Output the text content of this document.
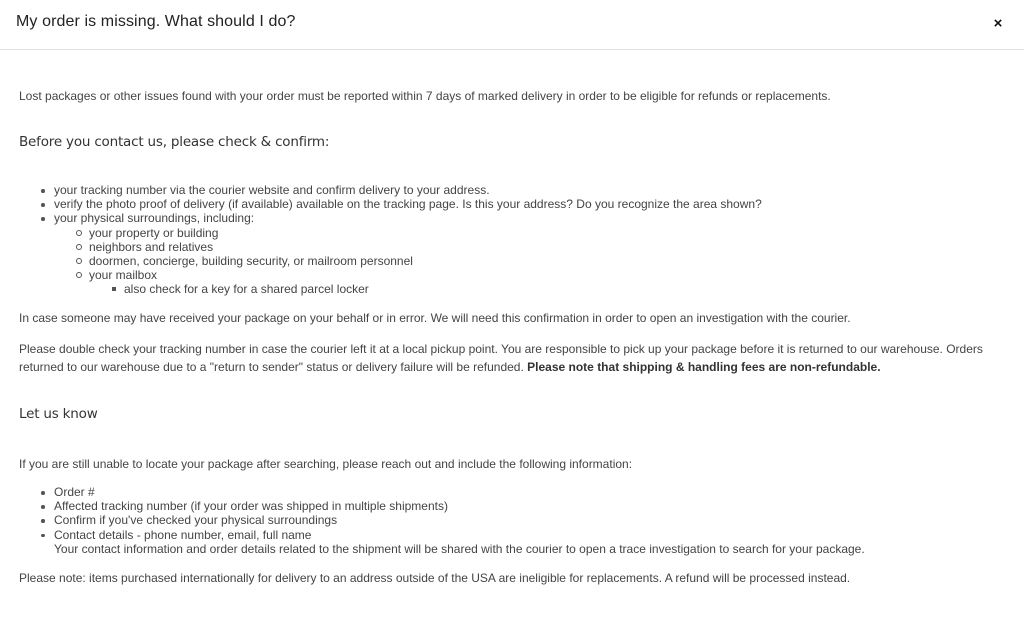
My order is missing. What should I do?	×

Lost packages or other issues found with your order must be reported within 7 days of marked delivery in order to be eligible for refunds or replacements.

Before you contact us, please check & confirm:
your tracking number via the courier website and confirm delivery to your address.
verify the photo proof of delivery (if available) available on the tracking page. Is this your address? Do you recognize the area shown?
your physical surroundings, including:
your property or building
neighbors and relatives
doormen, concierge, building security, or mailroom personnel
your mailbox
also check for a key for a shared parcel locker

In case someone may have received your package on your behalf or in error. We will need this confirmation in order to open an investigation with the courier.

Please double check your tracking number in case the courier left it at a local pickup point. You are responsible to pick up your package before it is returned to our warehouse. Orders returned to our warehouse due to a "return to sender" status or delivery failure will be refunded. Please note that shipping & handling fees are non-refundable.

Let us know

If you are still unable to locate your package after searching, please reach out and include the following information:

Order #
Affected tracking number (if your order was shipped in multiple shipments)
Confirm if you've checked your physical surroundings
Contact details - phone number, email, full name
Your contact information and order details related to the shipment will be shared with the courier to open a trace investigation to search for your package.

Please note: items purchased internationally for delivery to an address outside of the USA are ineligible for replacements. A refund will be processed instead.
